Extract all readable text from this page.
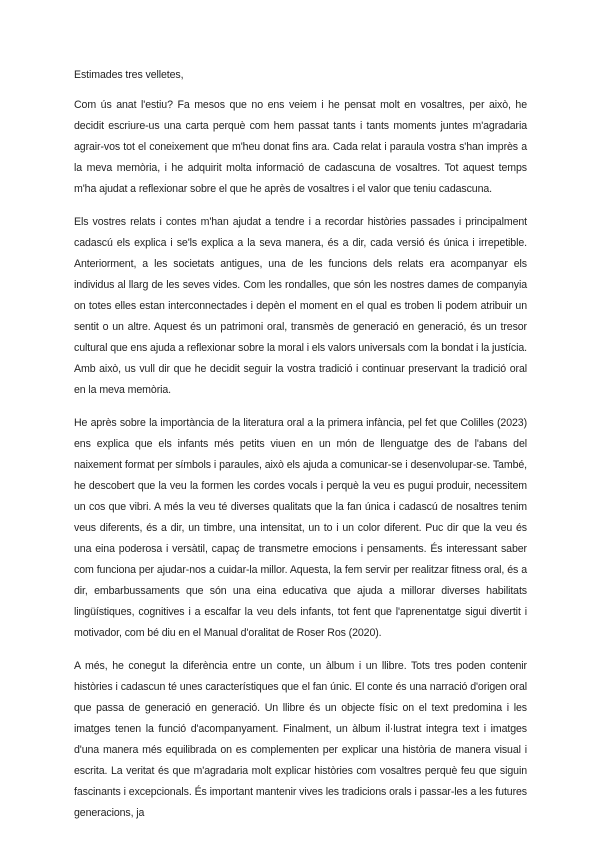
Estimades tres velletes,

Com ús anat l'estiu? Fa mesos que no ens veiem i he pensat molt en vosaltres, per això, he decidit escriure-us una carta perquè com hem passat tants i tants moments juntes m'agradaria agrair-vos tot el coneixement que m'heu donat fins ara. Cada relat i paraula vostra s'han imprès a la meva memòria, i he adquirit molta informació de cadascuna de vosaltres. Tot aquest temps m'ha ajudat a reflexionar sobre el que he après de vosaltres i el valor que teniu cadascuna.

Els vostres relats i contes m'han ajudat a tendre i a recordar històries passades i principalment cadascú els explica i se'ls explica a la seva manera, és a dir, cada versió és única i irrepetible. Anteriorment, a les societats antigues, una de les funcions dels relats era acompanyar els individus al llarg de les seves vides. Com les rondalles, que són les nostres dames de companyia on totes elles estan interconnectades i depèn el moment en el qual es troben li podem atribuir un sentit o un altre. Aquest és un patrimoni oral, transmès de generació en generació, és un tresor cultural que ens ajuda a reflexionar sobre la moral i els valors universals com la bondat i la justícia. Amb això, us vull dir que he decidit seguir la vostra tradició i continuar preservant la tradició oral en la meva memòria.

He après sobre la importància de la literatura oral a la primera infància, pel fet que Colilles (2023) ens explica que els infants més petits viuen en un món de llenguatge des de l'abans del naixement format per símbols i paraules, això els ajuda a comunicar-se i desenvolupar-se. També, he descobert que la veu la formen les cordes vocals i perquè la veu es pugui produir, necessitem un cos que vibri. A més la veu té diverses qualitats que la fan única i cadascú de nosaltres tenim veus diferents, és a dir, un timbre, una intensitat, un to i un color diferent. Puc dir que la veu és una eina poderosa i versàtil, capaç de transmetre emocions i pensaments. És interessant saber com funciona per ajudar-nos a cuidar-la millor. Aquesta, la fem servir per realitzar fitness oral, és a dir, embarbussaments que són una eina educativa que ajuda a millorar diverses habilitats lingüístiques, cognitives i a escalfar la veu dels infants, tot fent que l'aprenentatge sigui divertit i motivador, com bé diu en el Manual d'oralitat de Roser Ros (2020).

A més, he conegut la diferència entre un conte, un àlbum i un llibre. Tots tres poden contenir històries i cadascun té unes característiques que el fan únic. El conte és una narració d'origen oral que passa de generació en generació. Un llibre és un objecte físic on el text predomina i les imatges tenen la funció d'acompanyament. Finalment, un àlbum il·lustrat integra text i imatges d'una manera més equilibrada on es complementen per explicar una història de manera visual i escrita. La veritat és que m'agradaria molt explicar històries com vosaltres perquè feu que siguin fascinants i excepcionals. És important mantenir vives les tradicions orals i passar-les a les futures generacions, ja
